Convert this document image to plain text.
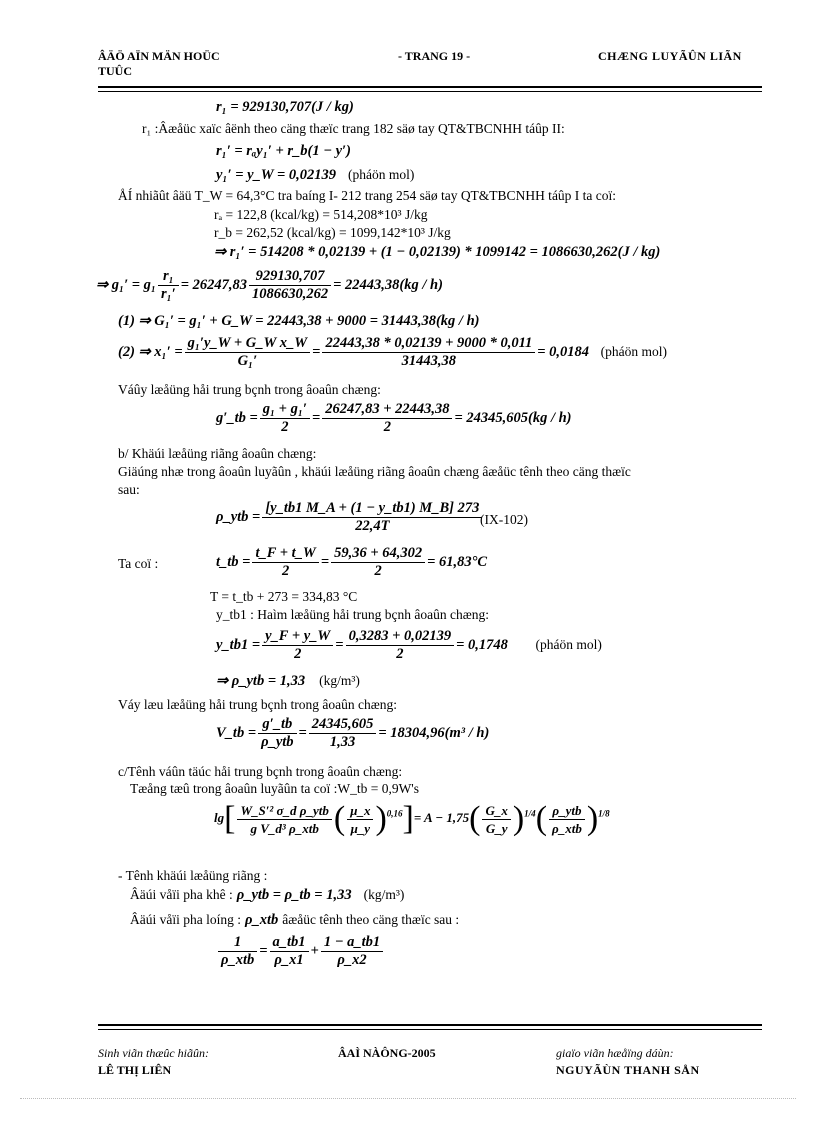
ÂÄÖ AÏN MÄN HOÜC
TUÛC
- TRANG 19 -	CHÆNG LUYÃÛN LIÃN
r₁ = 929130,707(J / kg)
r₁ :Âæåüc xaïc âënh theo cäng thæïc trang 182 säø tay QT&TBCNHH táûp II:
r₁′ = rₐy₁′ + r_b(1 − y′)
y₁′ = y_W = 0,02139 (pháön mol)
ÅÍ nhiãût âäü T_W = 64,3°C tra baíng I- 212 trang 254 säø tay QT&TBCNHH táûp I ta coï:
rₐ = 122,8 (kcal/kg) = 514,208*10³ J/kg
r_b = 262,52 (kcal/kg) = 1099,142*10³ J/kg
⇒ r₁′ = 514208 * 0,02139 + (1 − 0,02139) * 1099142 = 1086630,262(J / kg)
⇒ $g_1' = g_1 \frac{\text{r₁}}{\text{r₁′}} = 26247,83 \frac{929130,707}{1086630,262} = 22443,38(kg / h)$
(1) ⇒ G₁′ = g₁′ + G_W = 22443,38 + 9000 = 31443,38(kg / h)
(2) ⇒ $x_1' = \frac{\text{g₁′y\_W + G\_W x\_W}}{\text{G₁′}} = \frac{22443,38 * 0,02139 + 9000 * 0,011}{31443,38} = 0,0184$ (pháön mol)
Váûy læåüng håi trung bçnh trong âoaûn chæng:
g′_tb = $\frac{\text{g₁ + g₁′}}{2} = \frac{26247,83 + 22443,38}{2} = 24345,605(kg / h)$
b/ Khäúi læåüng riãng âoaûn chæng:
Giäúng nhæ trong âoaûn luyãûn , khäúi læåüng riãng âoaûn chæng âæåüc tênh theo cäng thæïc
sau:
ρ_ytb = $\frac{[y\_tb1 M\_A + (1 - y\_tb1) M\_B] 273}{22,4T}$
(IX-102)
Ta coï :	t_tb = $\frac{t\_F + t\_W}{2} = \frac{59,36 + 64,302}{2} = 61,83^\circ C$
T = t_tb + 273 = 334,83 °C
y_tb1 : Haìm læåüng håi trung bçnh âoaûn chæng:
y_tb1 = $\frac{y\_F + y\_W}{2} = \frac{0,3283 + 0,02139}{2} = 0,1748$ (pháön mol)
⇒ ρ_ytb = 1,33 (kg/m³)
Váy læu læåüng håi trung bçnh trong âoaûn chæng:
V_tb = $\frac{g'\_tb}{\text{ρ\_ytb}} = \frac{24345,605}{1,33} = 18304,96(m^3 / h)$
c/Tênh váûn täúc håi trung bçnh trong âoaûn chæng:
Tæång tæû trong âoaûn luyãûn ta coï :W_tb = 0,9W's
$\lg[ \frac{\text{W\_S′² σ\_d ρ\_ytb}}{\text{g V\_d³ ρ\_xtb}}$ ( $\frac{\mu\_x}{\mu\_y} )^{0,16}]= A - 1,75( \frac{G\_x}{G\_y} )^{1/4}( \frac{\text{ρ\_ytb}}{\text{ρ\_xtb}} )^{1/8}$
- Tênh khäúi læåüng riãng :
Âäúi våïi pha khê : ρ_ytb = ρ_tb = 1,33 (kg/m³)
Âäúi våïi pha loíng : ρ_xtb âæåüc tênh theo cäng thæïc sau :
$\frac{1}{\text{ρ\_xtb}} = \frac{a\_tb1}{\rho\_x1} + \frac{1 - a\_tb1}{\rho\_x2}$
Sinh viãn thæûc hiãûn:
LÊ THỊ LIÊN
ÂAÌ NÀÔNG-2005	giaïo viãn hæåïng dáùn:
NGUYÃÙN THANH SÅN
